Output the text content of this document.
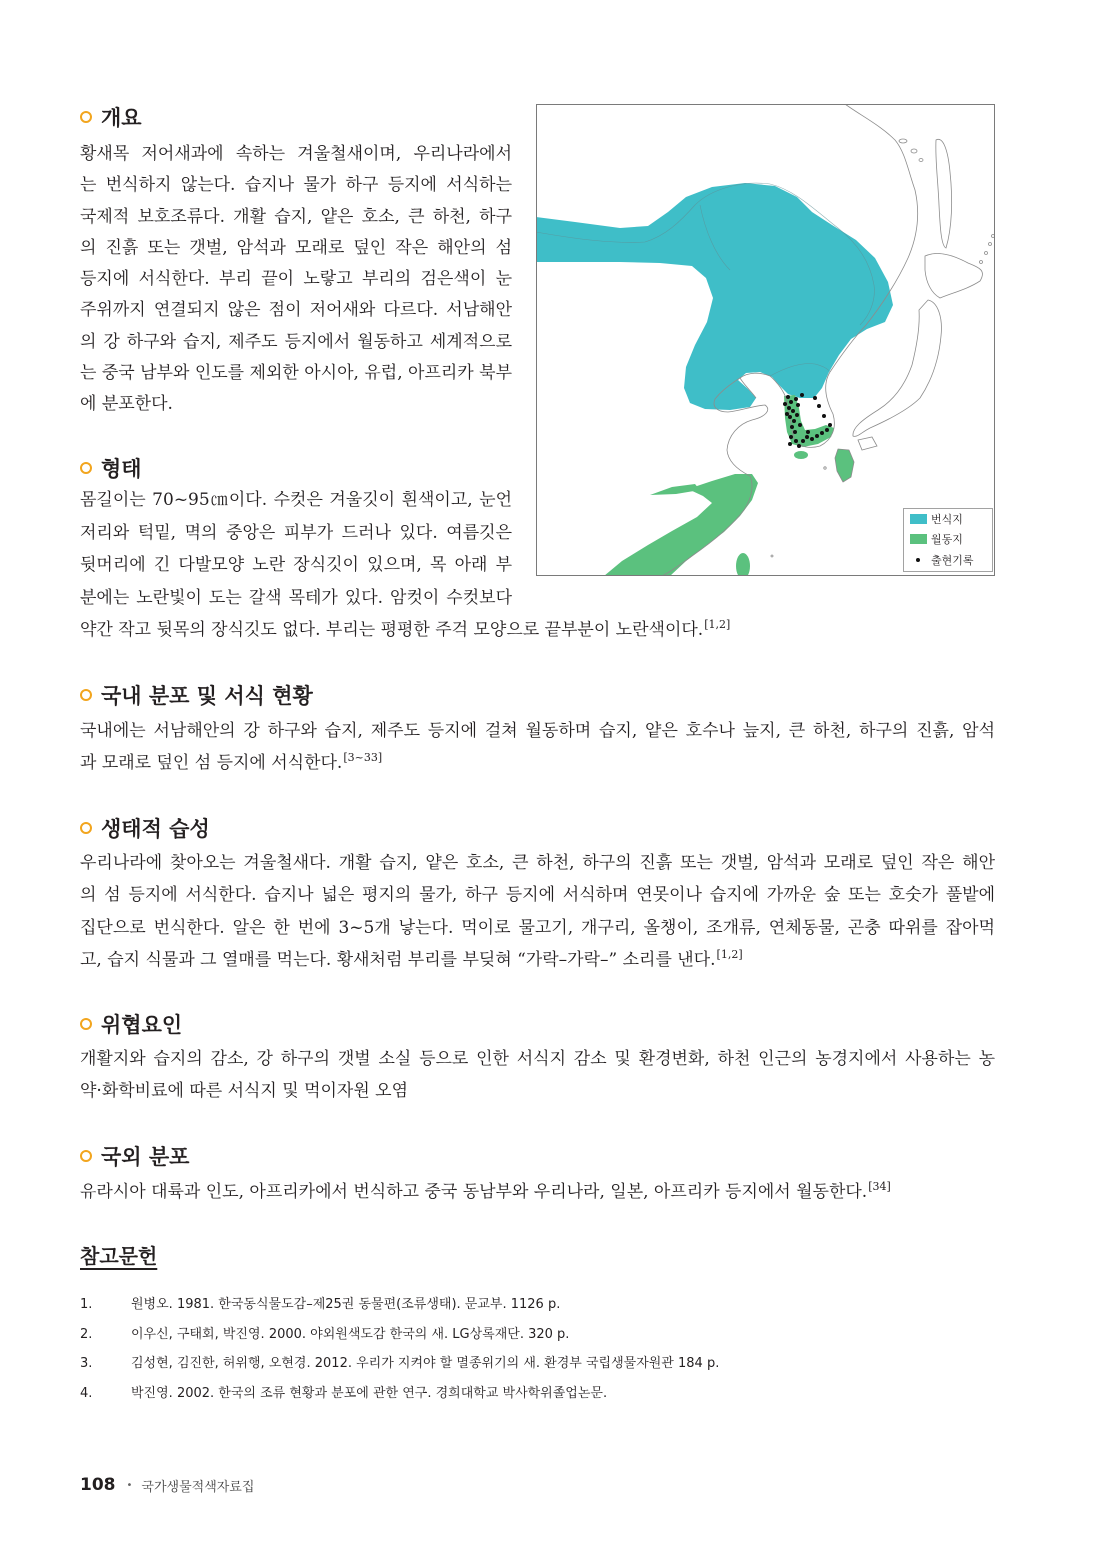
개요
황새목 저어새과에 속하는 겨울철새이며, 우리나라에서
는 번식하지 않는다. 습지나 물가 하구 등지에 서식하는
국제적 보호조류다. 개활 습지, 얕은 호소, 큰 하천, 하구
의 진흙 또는 갯벌, 암석과 모래로 덮인 작은 해안의 섬
등지에 서식한다. 부리 끝이 노랗고 부리의 검은색이 눈
주위까지 연결되지 않은 점이 저어새와 다르다. 서남해안
의 강 하구와 습지, 제주도 등지에서 월동하고 세계적으로
는 중국 남부와 인도를 제외한 아시아, 유럽, 아프리카 북부
에 분포한다.
형태
몸길이는 70~95㎝이다. 수컷은 겨울깃이 흰색이고, 눈언
저리와 턱밑, 멱의 중앙은 피부가 드러나 있다. 여름깃은
뒷머리에 긴 다발모양 노란 장식깃이 있으며, 목 아래 부
분에는 노란빛이 도는 갈색 목테가 있다. 암컷이 수컷보다
약간 작고 뒷목의 장식깃도 없다. 부리는 평평한 주걱 모양으로 끝부분이 노란색이다.[1,2]
국내 분포 및 서식 현황
국내에는 서남해안의 강 하구와 습지, 제주도 등지에 걸쳐 월동하며 습지, 얕은 호수나 늪지, 큰 하천, 하구의 진흙, 암석
과 모래로 덮인 섬 등지에 서식한다.[3~33]
생태적 습성
우리나라에 찾아오는 겨울철새다. 개활 습지, 얕은 호소, 큰 하천, 하구의 진흙 또는 갯벌, 암석과 모래로 덮인 작은 해안
의 섬 등지에 서식한다. 습지나 넓은 평지의 물가, 하구 등지에 서식하며 연못이나 습지에 가까운 숲 또는 호숫가 풀밭에
집단으로 번식한다. 알은 한 번에 3~5개 낳는다. 먹이로 물고기, 개구리, 올챙이, 조개류, 연체동물, 곤충 따위를 잡아먹
고, 습지 식물과 그 열매를 먹는다. 황새처럼 부리를 부딪혀 “가락–가락–” 소리를 낸다.[1,2]
위협요인
개활지와 습지의 감소, 강 하구의 갯벌 소실 등으로 인한 서식지 감소 및 환경변화, 하천 인근의 농경지에서 사용하는 농
약·화학비료에 따른 서식지 및 먹이자원 오염
국외 분포
유라시아 대륙과 인도, 아프리카에서 번식하고 중국 동남부와 우리나라, 일본, 아프리카 등지에서 월동한다.[34]
번식지
월동지
출현기록
참고문헌
1.	원병오. 1981. 한국동식물도감–제25권 동물편(조류생태). 문교부. 1126 p.
2.	이우신, 구태회, 박진영. 2000. 야외원색도감 한국의 새. LG상록재단. 320 p.
3.	김성현, 김진한, 허위행, 오현경. 2012. 우리가 지켜야 할 멸종위기의 새. 환경부 국립생물자원관 184 p.
4.	박진영. 2002. 한국의 조류 현황과 분포에 관한 연구. 경희대학교 박사학위졸업논문.
108 • 국가생물적색자료집
